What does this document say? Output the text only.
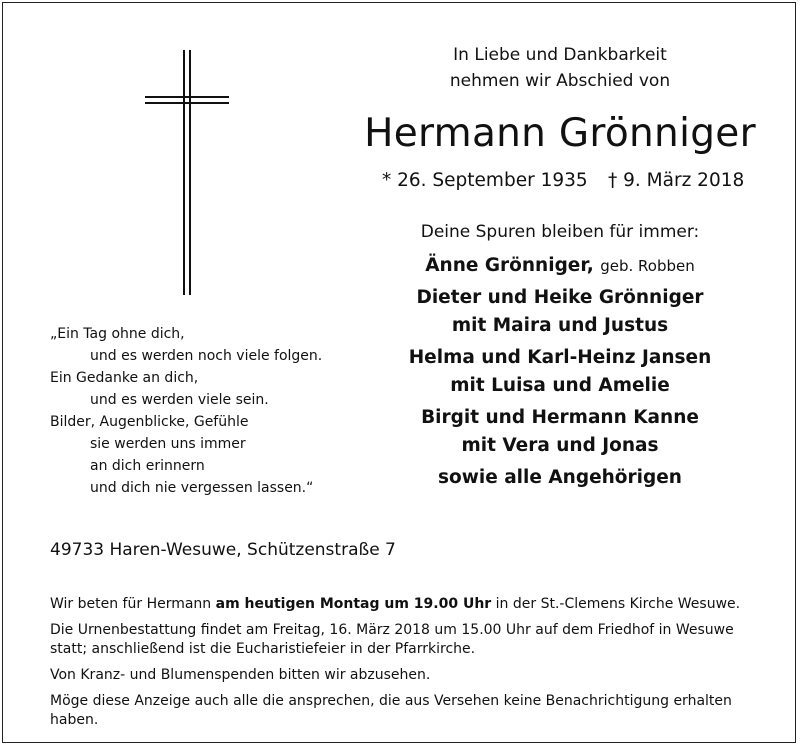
In Liebe und Dankbarkeit
nehmen wir Abschied von
Hermann Grönniger
* 26. September 1935 † 9. März 2018
Deine Spuren bleiben für immer:
Änne Grönniger, geb. Robben
Dieter und Heike Grönniger
mit Maira und Justus
Helma und Karl-Heinz Jansen
mit Luisa und Amelie
Birgit und Hermann Kanne
mit Vera und Jonas
sowie alle Angehörigen
„Ein Tag ohne dich,
und es werden noch viele folgen.
Ein Gedanke an dich,
und es werden viele sein.
Bilder, Augenblicke, Gefühle
sie werden uns immer
an dich erinnern
und dich nie vergessen lassen.“
49733 Haren-Wesuwe, Schützenstraße 7

Wir beten für Hermann am heutigen Montag um 19.00 Uhr in der St.-Clemens Kirche Wesuwe.

Die Urnenbestattung findet am Freitag, 16. März 2018 um 15.00 Uhr auf dem Friedhof in Wesuwe statt; anschließend ist die Eucharistiefeier in der Pfarrkirche.

Von Kranz- und Blumenspenden bitten wir abzusehen.

Möge diese Anzeige auch alle die ansprechen, die aus Versehen keine Benachrichtigung erhalten haben.
